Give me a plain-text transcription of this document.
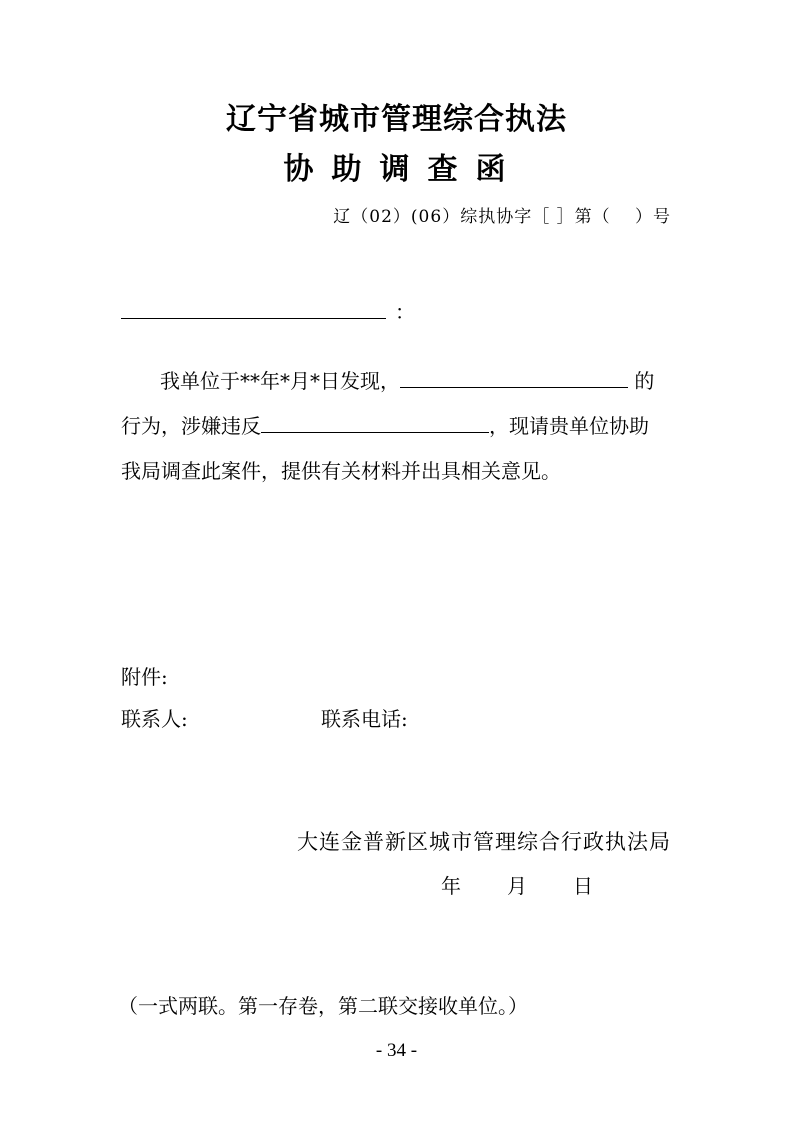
辽宁省城市管理综合执法
协助调查函
辽（02）(06）综执协字［ ］第（　 ）号
：
我单位于**年*月*日发现，	的
行为，涉嫌违反	，现请贵单位协助
我局调查此案件，提供有关材料并出具相关意见。
附件:
联系人:	联系电话:
大连金普新区城市管理综合行政执法局
年 月 日
（一式两联。第一存卷，第二联交接收单位。）
- 34 -
